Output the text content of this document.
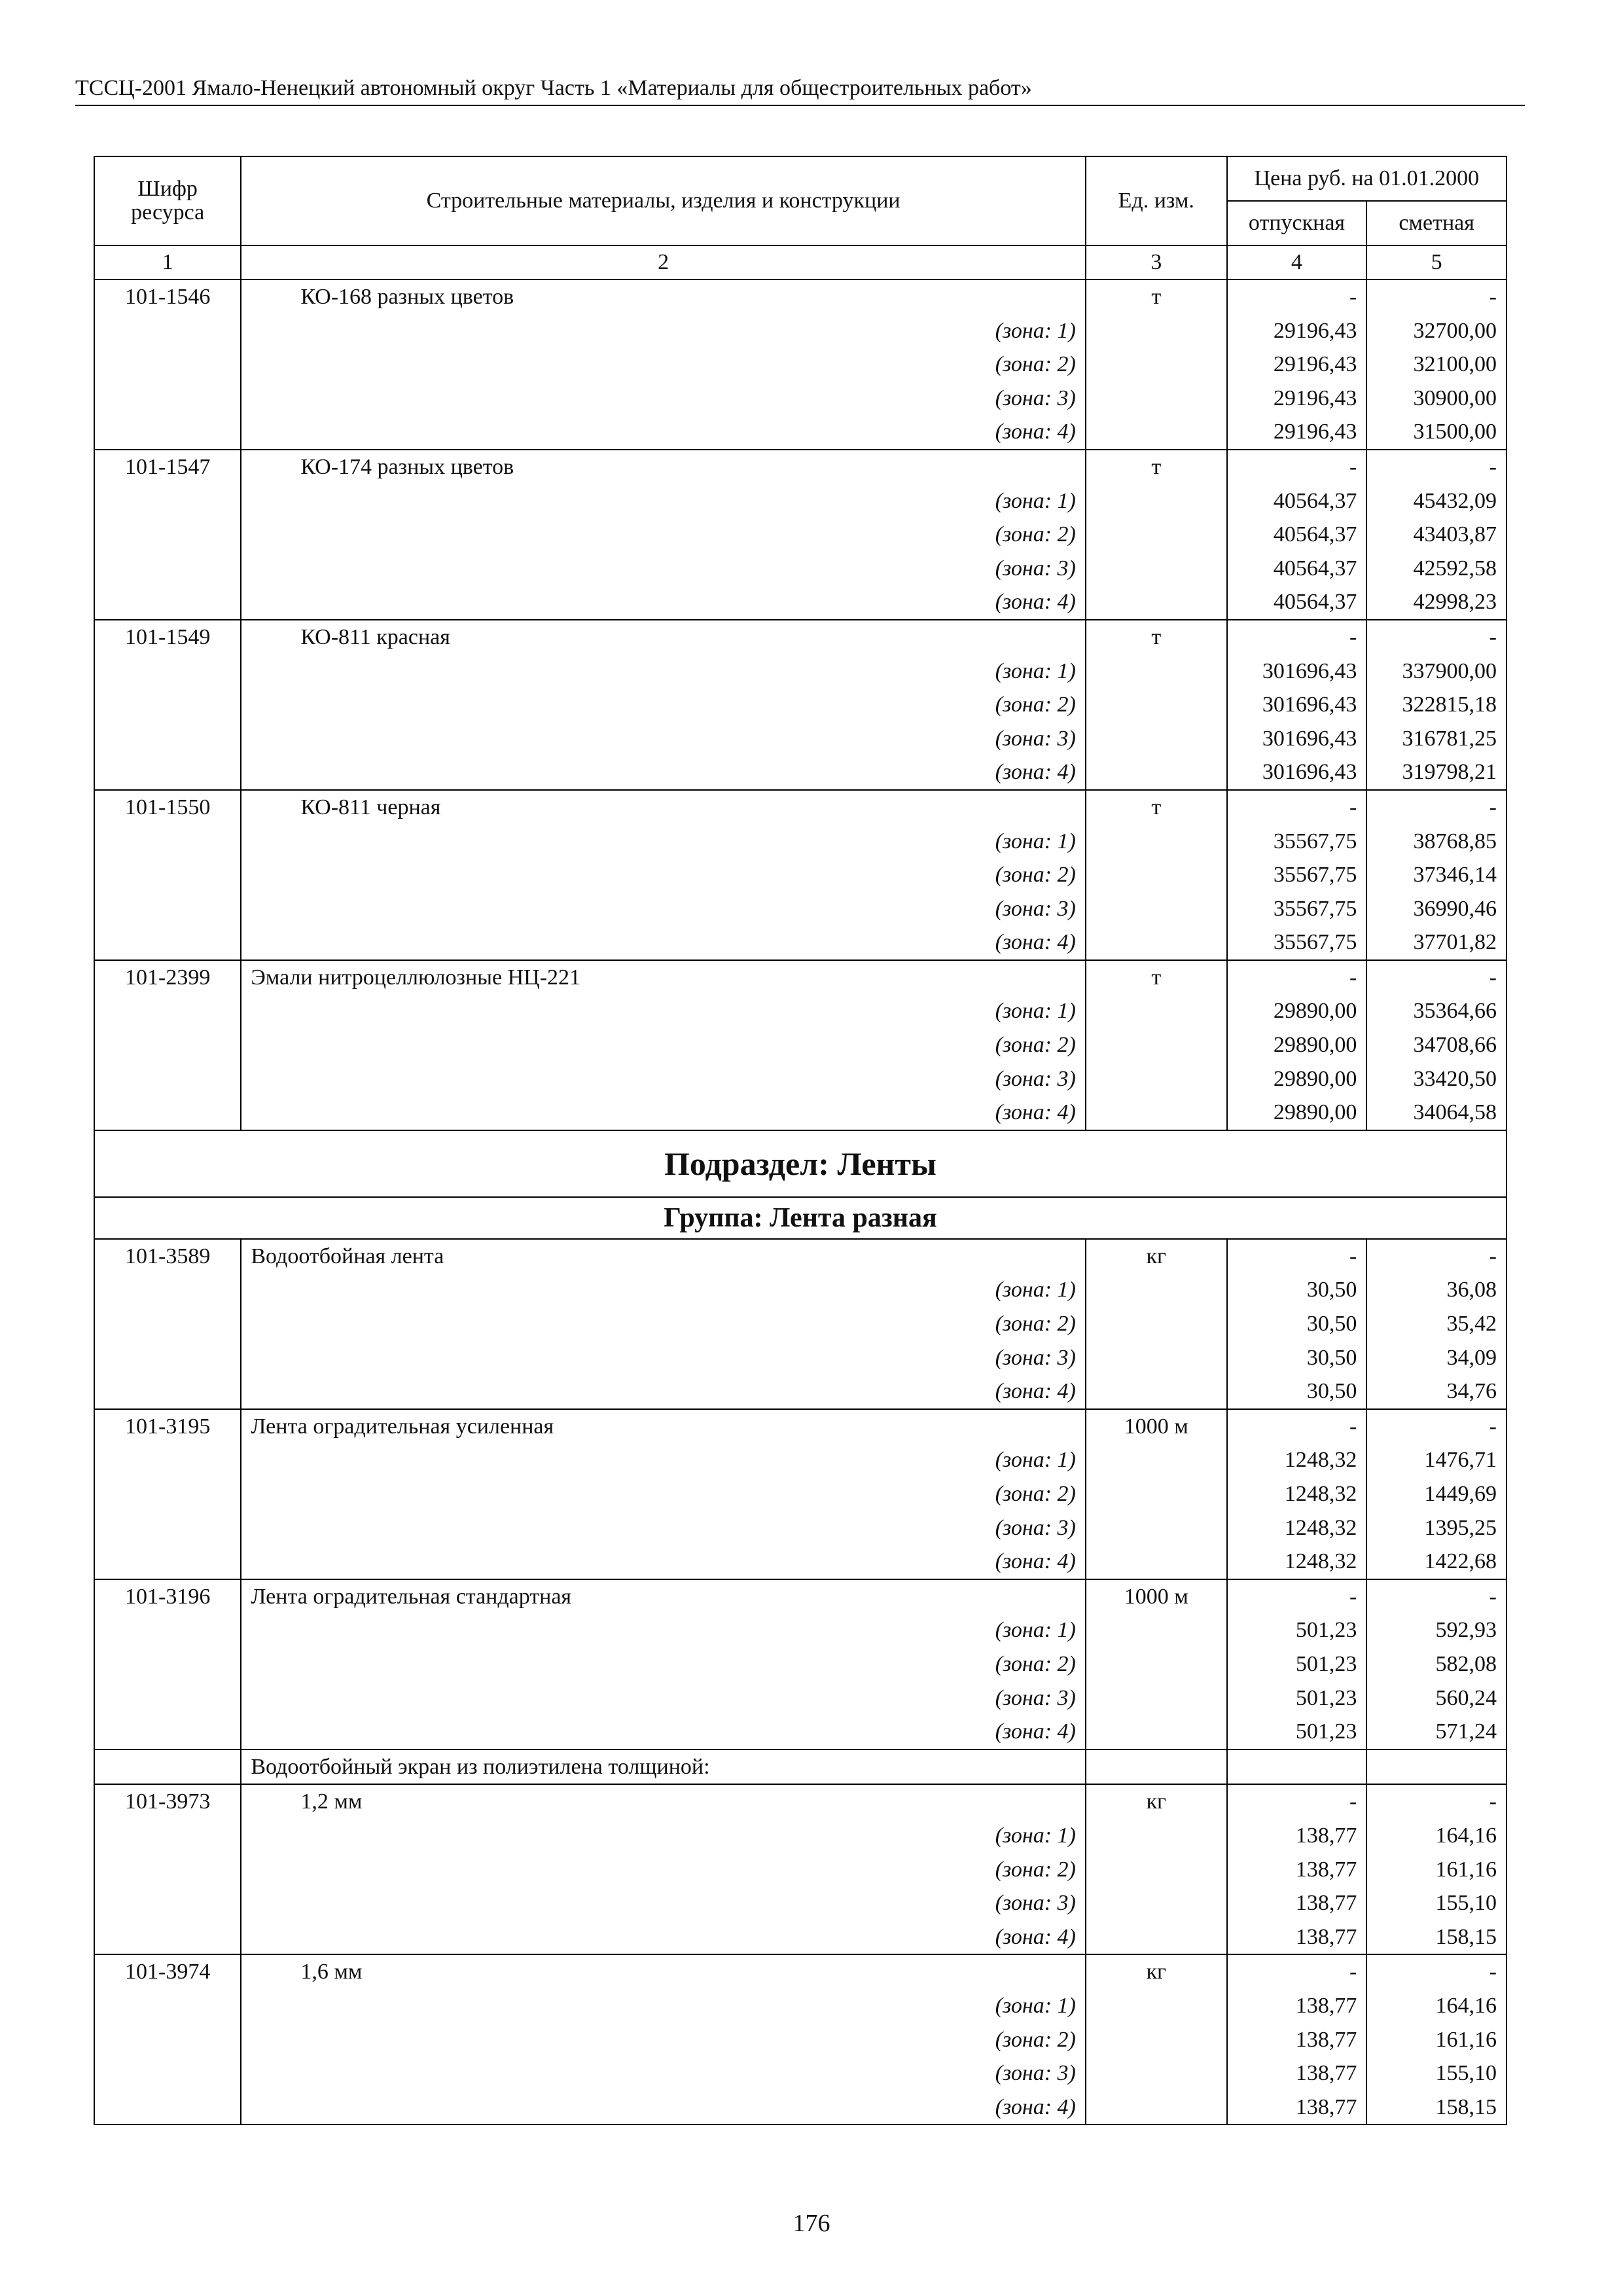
ТССЦ-2001 Ямало-Ненецкий автономный округ Часть 1 «Материалы для общестроительных работ»
Шифр ресурса	Строительные материалы, изделия и конструкции	Ед. изм.	Цена руб. на 01.01.2000	
			отпускная	сметная
1	2	3	4	5
101-1546	КО-168 разных цветов	т	-	-
	(зона: 1)		29196,43	32700,00
	(зона: 2)		29196,43	32100,00
	(зона: 3)		29196,43	30900,00
	(зона: 4)		29196,43	31500,00
101-1547	КО-174 разных цветов	т	-	-
	(зона: 1)		40564,37	45432,09
	(зона: 2)		40564,37	43403,87
	(зона: 3)		40564,37	42592,58
	(зона: 4)		40564,37	42998,23
101-1549	КО-811 красная	т	-	-
	(зона: 1)		301696,43	337900,00
	(зона: 2)		301696,43	322815,18
	(зона: 3)		301696,43	316781,25
	(зона: 4)		301696,43	319798,21
101-1550	КО-811 черная	т	-	-
	(зона: 1)		35567,75	38768,85
	(зона: 2)		35567,75	37346,14
	(зона: 3)		35567,75	36990,46
	(зона: 4)		35567,75	37701,82
101-2399	Эмали нитроцеллюлозные НЦ-221	т	-	-
	(зона: 1)		29890,00	35364,66
	(зона: 2)		29890,00	34708,66
	(зона: 3)		29890,00	33420,50
	(зона: 4)		29890,00	34064,58
Подраздел: Ленты				
Группа: Лента разная				
101-3589	Водоотбойная лента	кг	-	-
	(зона: 1)		30,50	36,08
	(зона: 2)		30,50	35,42
	(зона: 3)		30,50	34,09
	(зона: 4)		30,50	34,76
101-3195	Лента оградительная усиленная	1000 м	-	-
	(зона: 1)		1248,32	1476,71
	(зона: 2)		1248,32	1449,69
	(зона: 3)		1248,32	1395,25
	(зона: 4)		1248,32	1422,68
101-3196	Лента оградительная стандартная	1000 м	-	-
	(зона: 1)		501,23	592,93
	(зона: 2)		501,23	582,08
	(зона: 3)		501,23	560,24
	(зона: 4)		501,23	571,24
	Водоотбойный экран из полиэтилена толщиной:			
101-3973	1,2 мм	кг	-	-
	(зона: 1)		138,77	164,16
	(зона: 2)		138,77	161,16
	(зона: 3)		138,77	155,10
	(зона: 4)		138,77	158,15
101-3974	1,6 мм	кг	-	-
	(зона: 1)		138,77	164,16
	(зона: 2)		138,77	161,16
	(зона: 3)		138,77	155,10
	(зона: 4)		138,77	158,15
176
